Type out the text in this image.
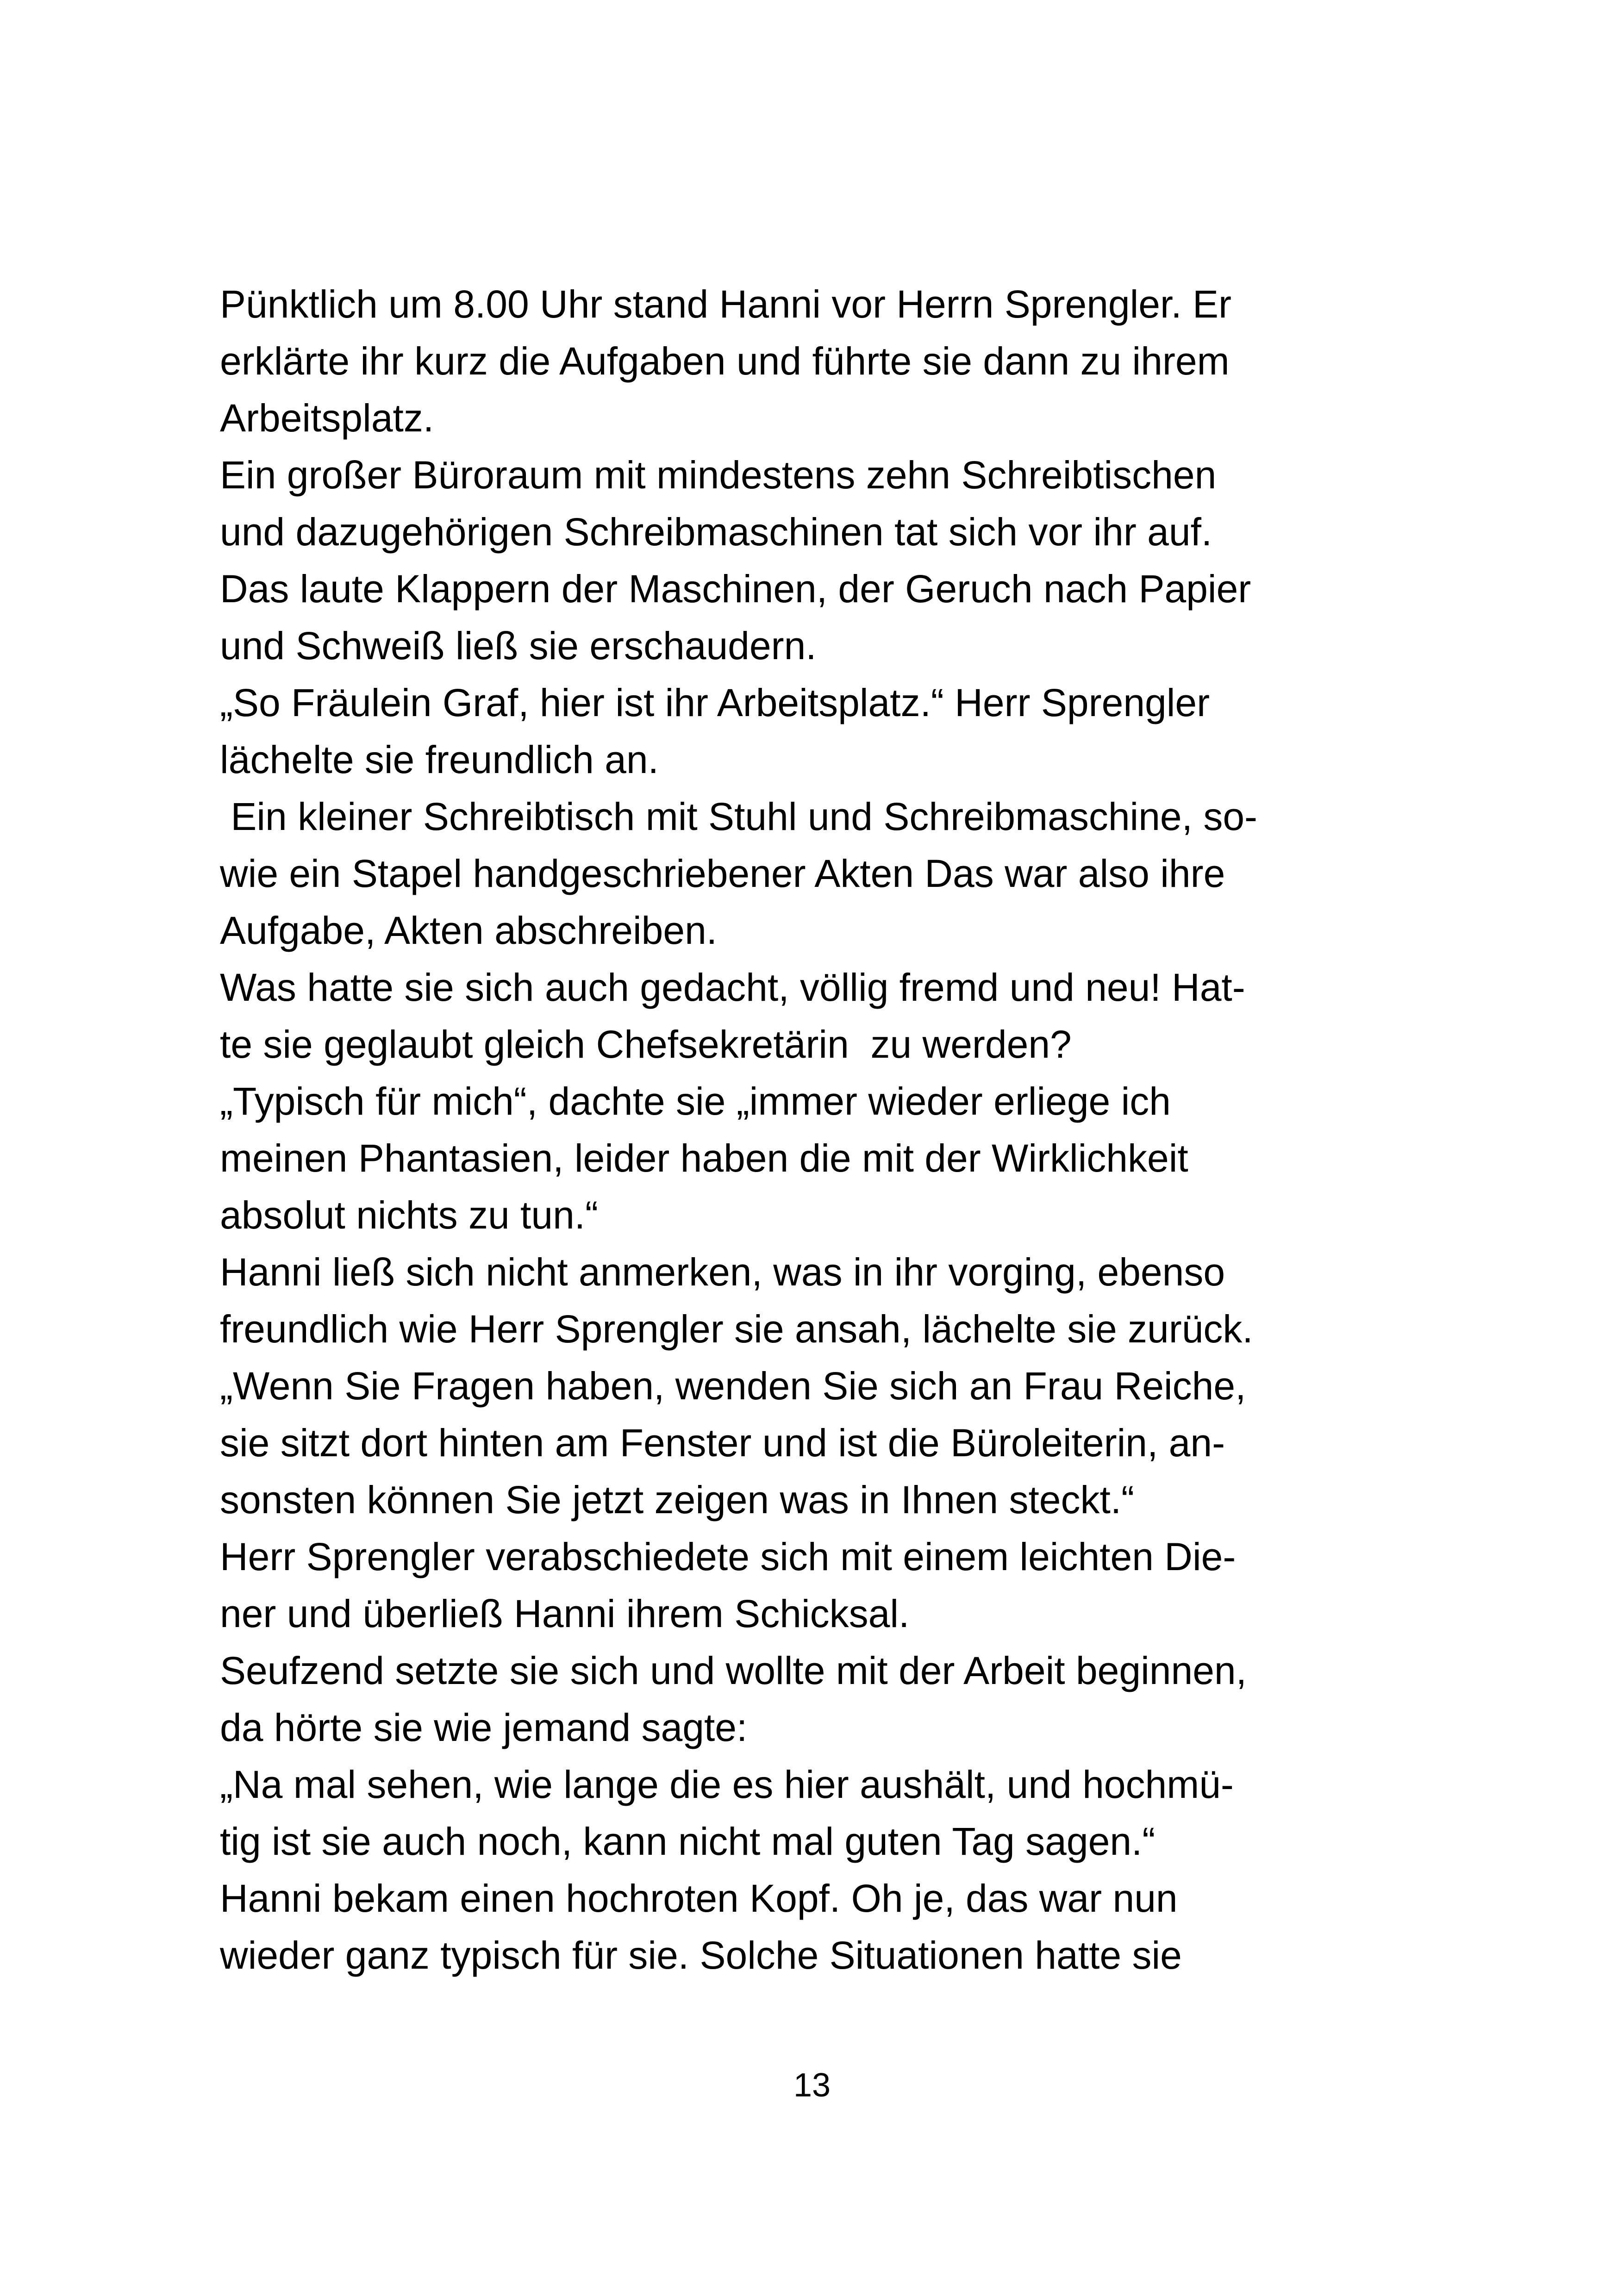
Pünktlich um 8.00 Uhr stand Hanni vor Herrn Sprengler. Er
erklärte ihr kurz die Aufgaben und führte sie dann zu ihrem
Arbeitsplatz.
Ein großer Büroraum mit mindestens zehn Schreibtischen
und dazugehörigen Schreibmaschinen tat sich vor ihr auf.
Das laute Klappern der Maschinen, der Geruch nach Papier
und Schweiß ließ sie erschaudern.
„So Fräulein Graf, hier ist ihr Arbeitsplatz.“ Herr Sprengler
lächelte sie freundlich an.
Ein kleiner Schreibtisch mit Stuhl und Schreibmaschine, so-
wie ein Stapel handgeschriebener Akten Das war also ihre
Aufgabe, Akten abschreiben.
Was hatte sie sich auch gedacht, völlig fremd und neu! Hat-
te sie geglaubt gleich Chefsekretärin  zu werden?
„Typisch für mich“, dachte sie „immer wieder erliege ich
meinen Phantasien, leider haben die mit der Wirklichkeit
absolut nichts zu tun.“
Hanni ließ sich nicht anmerken, was in ihr vorging, ebenso
freundlich wie Herr Sprengler sie ansah, lächelte sie zurück.
„Wenn Sie Fragen haben, wenden Sie sich an Frau Reiche,
sie sitzt dort hinten am Fenster und ist die Büroleiterin, an-
sonsten können Sie jetzt zeigen was in Ihnen steckt.“
Herr Sprengler verabschiedete sich mit einem leichten Die-
ner und überließ Hanni ihrem Schicksal.
Seufzend setzte sie sich und wollte mit der Arbeit beginnen,
da hörte sie wie jemand sagte:
„Na mal sehen, wie lange die es hier aushält, und hochmü-
tig ist sie auch noch, kann nicht mal guten Tag sagen.“
Hanni bekam einen hochroten Kopf. Oh je, das war nun
wieder ganz typisch für sie. Solche Situationen hatte sie
13
